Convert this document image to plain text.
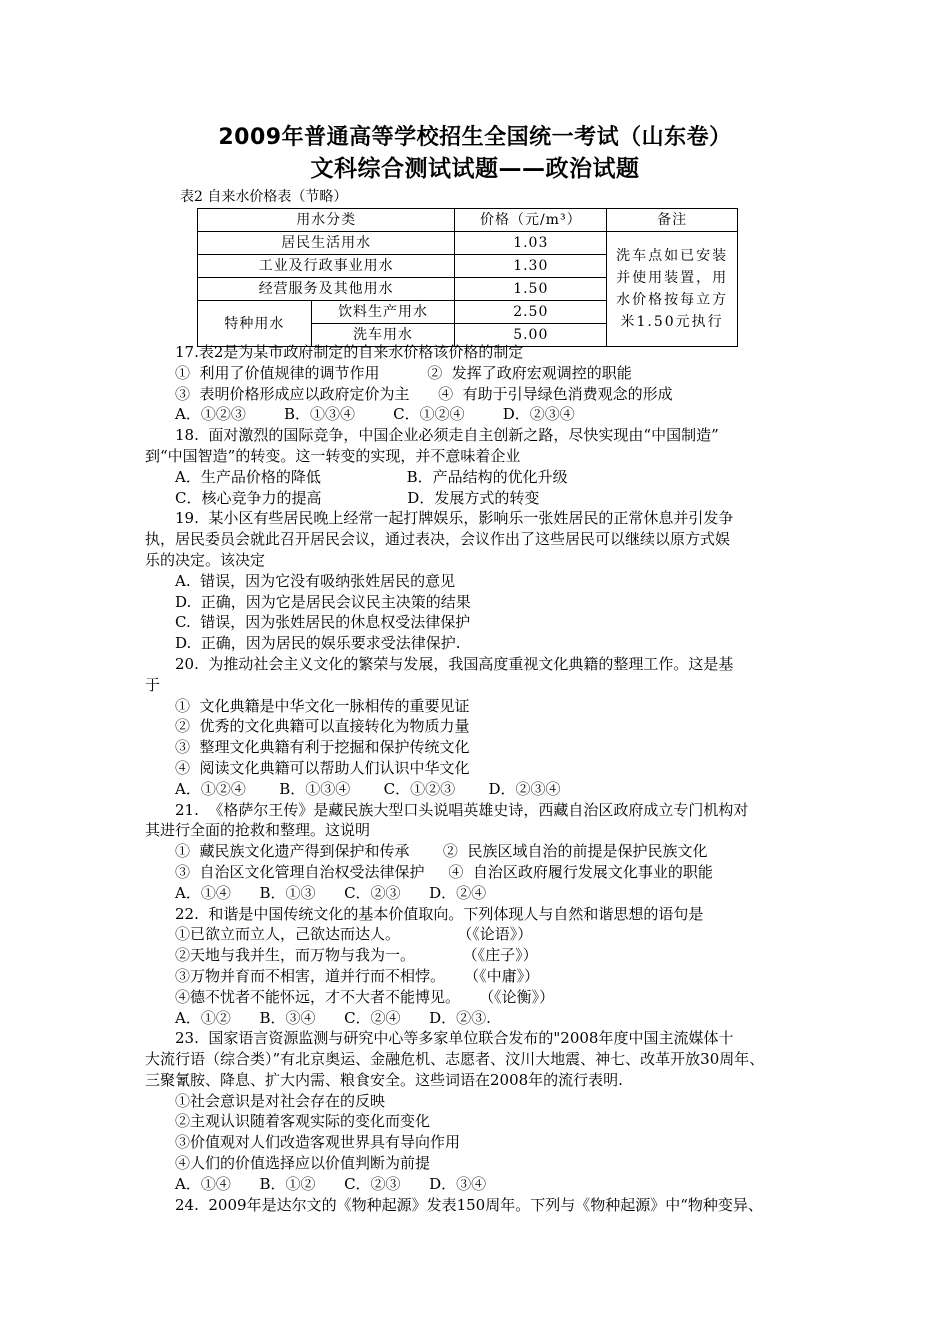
2009年普通高等学校招生全国统一考试（山东卷）
文科综合测试试题——政治试题
表2 自来水价格表（节略）
用水分类		价格（元/m³）	备注
居民生活用水		1.03	洗车点如已安装并使用装置，用水价格按每立方米1.50元执行
工业及行政事业用水		1.30	
经营服务及其他用水		1.50	
特种用水	饮料生产用水	2.50	
	洗车用水	5.00	
17.表2是为某市政府制定的自来水价格该价格的制定
①  利用了价值规律的调节作用          ②  发挥了政府宏观调控的职能
③  表明价格形成应以政府定价为主      ④  有助于引导绿色消费观念的形成
A．①②③        B．①③④        C．①②④        D．②③④
18.  面对激烈的国际竞争，中国企业必须走自主创新之路，尽快实现由“中国制造”
到“中国智造”的转变。这一转变的实现，并不意味着企业
A．生产品价格的降低                  B．产品结构的优化升级
C．核心竞争力的提高                  D．发展方式的转变
19.  某小区有些居民晚上经常一起打牌娱乐，影响乐一张姓居民的正常休息并引发争
执，居民委员会就此召开居民会议，通过表决，会议作出了这些居民可以继续以原方式娱
乐的决定。该决定
A.  错误，因为它没有吸纳张姓居民的意见
D.  正确，因为它是居民会议民主决策的结果
C.  错误，因为张姓居民的休息权受法律保护
D.  正确，因为居民的娱乐要求受法律保护.
20.  为推动社会主义文化的繁荣与发展，我国高度重视文化典籍的整理工作。这是基
于
①  文化典籍是中华文化一脉相传的重要见证
②  优秀的文化典籍可以直接转化为物质力量
③  整理文化典籍有利于挖掘和保护传统文化
④  阅读文化典籍可以帮助人们认识中华文化
A．①②④       B．①③④       C．①②③       D．②③④
21.  《格萨尔王传》是藏民族大型口头说唱英雄史诗，西藏自治区政府成立专门机构对
其进行全面的抢救和整理。这说明
①  藏民族文化遗产得到保护和传承       ②  民族区域自治的前提是保护民族文化
③  自治区文化管理自治权受法律保护     ④  自治区政府履行发展文化事业的职能
A．①④      B．①③      C．②③      D．②④
22.  和谐是中国传统文化的基本价值取向。下列体现人与自然和谐思想的语句是
①已欲立而立人，己欲达而达人。            （《论语》）
②天地与我并生，而万物与我为一。          （《庄子》）
③万物并育而不相害，道并行而不相悖。    （《中庸》）
④德不忧者不能怀远，才不大者不能博见。    （《论衡》）
A．①②      B．③④      C．②④      D．②③.
23.  国家语言资源监测与研究中心等多家单位联合发布的"2008年度中国主流媒体十
大流行语（综合类）”有北京奥运、金融危机、志愿者、汶川大地震、神七、改革开放30周年、
三聚氰胺、降息、扩大内需、粮食安全。这些词语在2008年的流行表明.
①社会意识是对社会存在的反映
②主观认识随着客观实际的变化而变化
③价值观对人们改造客观世界具有导向作用
④人们的价值选择应以价值判断为前提
A．①④      B．①②      C．②③      D．③④
24.  2009年是达尔文的《物种起源》发表150周年。下列与《物种起源》中“物种变异、
